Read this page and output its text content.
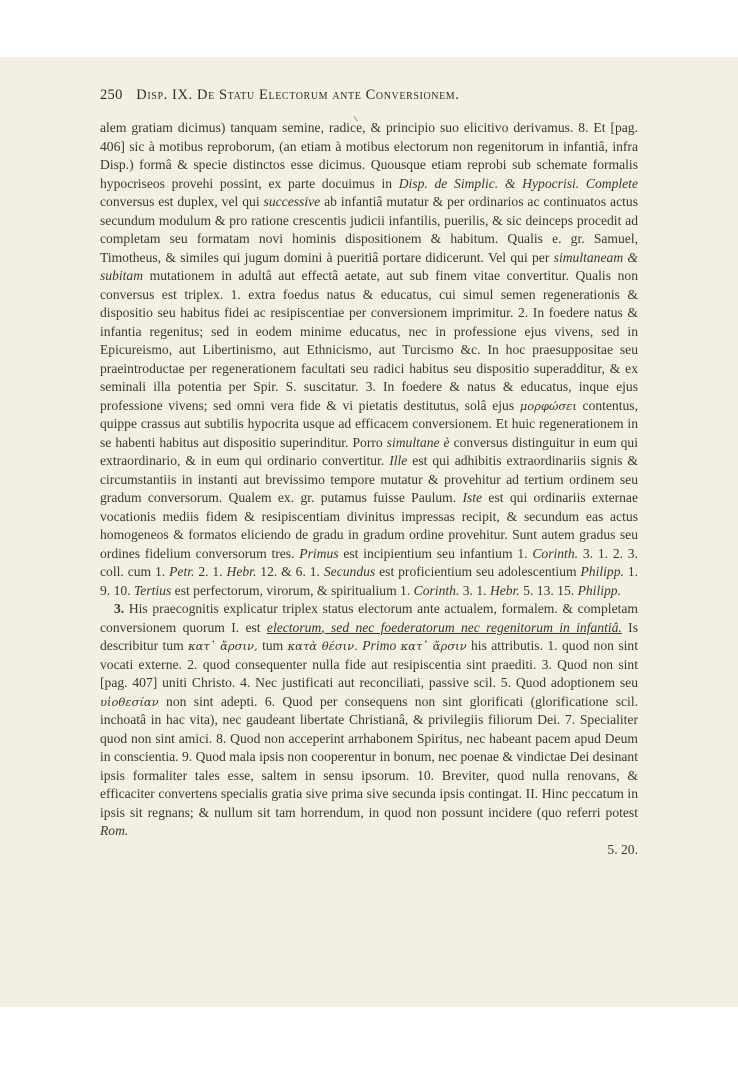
250 Disp. IX. De Statu Electorum ante Conversionem.

alem gratiam dicimus) tanquam semine, radice, & principio suo elicitivo derivamus. 8. Et [pag. 406] sic à motibus reproborum, (an etiam à motibus electorum non regenitorum in infantiâ, infra Disp.) formâ & specie distinctos esse dicimus. Quousque etiam reprobi sub schemate formalis hypocriseos provehi possint, ex parte docuimus in Disp. de Simplic. & Hypocrisi. Complete conversus est duplex, vel qui successive ab infantiâ mutatur & per ordinarios ac continuatos actus secundum modulum & pro ratione crescentis judicii infantilis, puerilis, & sic deinceps procedit ad completam seu formatam novi hominis dispositionem & habitum. Qualis e. gr. Samuel, Timotheus, & similes qui jugum domini à pueritiâ portare didicerunt. Vel qui per simultaneam & subitam mutationem in adultâ aut effectâ aetate, aut sub finem vitae convertitur. Qualis non conversus est triplex. 1. extra foedus natus & educatus, cui simul semen regenerationis & dispositio seu habitus fidei ac resipiscentiae per conversionem imprimitur. 2. In foedere natus & infantia regenitus; sed in eodem minime educatus, nec in professione ejus vivens, sed in Epicureismo, aut Libertinismo, aut Ethnicismo, aut Turcismo &c. In hoc praesuppositae seu praeintroductae per regenerationem facultati seu radici habitus seu dispositio superadditur, & ex seminali illa potentia per Spir. S. suscitatur. 3. In foedere & natus & educatus, inque ejus professione vivens; sed omni vera fide & vi pietatis destitutus, solâ ejus μορφώσει contentus, quippe crassus aut subtilis hypocrita usque ad efficacem conversionem. Et huic regenerationem in se habenti habitus aut dispositio superinditur. Porro simultane è conversus distinguitur in eum qui extraordinario, & in eum qui ordinario convertitur. Ille est qui adhibitis extraordinariis signis & circumstantiis in instanti aut brevissimo tempore mutatur & provehitur ad tertium ordinem seu gradum conversorum. Qualem ex. gr. putamus fuisse Paulum. Iste est qui ordinariis externae vocationis mediis fidem & resipiscentiam divinitus impressas recipit, & secundum eas actus homogeneos & formatos eliciendo de gradu in gradum ordine provehitur. Sunt autem gradus seu ordines fidelium conversorum tres. Primus est incipientium seu infantium 1. Corinth. 3. 1. 2. 3. coll. cum 1. Petr. 2. 1. Hebr. 12. & 6. 1. Secundus est proficientium seu adolescentium Philipp. 1. 9. 10. Tertius est perfectorum, virorum, & spiritualium 1. Corinth. 3. 1. Hebr. 5. 13. 15. Philipp.

3. His praecognitis explicatur triplex status electorum ante actualem, formalem. & completam conversionem quorum I. est electorum, sed nec foederatorum nec regenitorum in infantiâ. Is describitur tum κατ᾽ ἄρσιν, tum κατὰ θέσιν. Primo κατ᾽ ἄρσιν his attributis. 1. quod non sint vocati externe. 2. quod consequenter nulla fide aut resipiscentia sint praediti. 3. Quod non sint [pag. 407] uniti Christo. 4. Nec justificati aut reconciliati, passive scil. 5. Quod adoptionem seu υἱοθεσίαν non sint adepti. 6. Quod per consequens non sint glorificati (glorificatione scil. inchoatâ in hac vita), nec gaudeant libertate Christianâ, & privilegiis filiorum Dei. 7. Specialiter quod non sint amici. 8. Quod non acceperint arrhabonem Spiritus, nec habeant pacem apud Deum in conscientia. 9. Quod mala ipsis non cooperentur in bonum, nec poenae & vindictae Dei desinant ipsis formaliter tales esse, saltem in sensu ipsorum. 10. Breviter, quod nulla renovans, & efficaciter convertens specialis gratia sive prima sive secunda ipsis contingat. II. Hinc peccatum in ipsis sit regnans; & nullum sit tam horrendum, in quod non possunt incidere (quo referri potest Rom.

5. 20.
